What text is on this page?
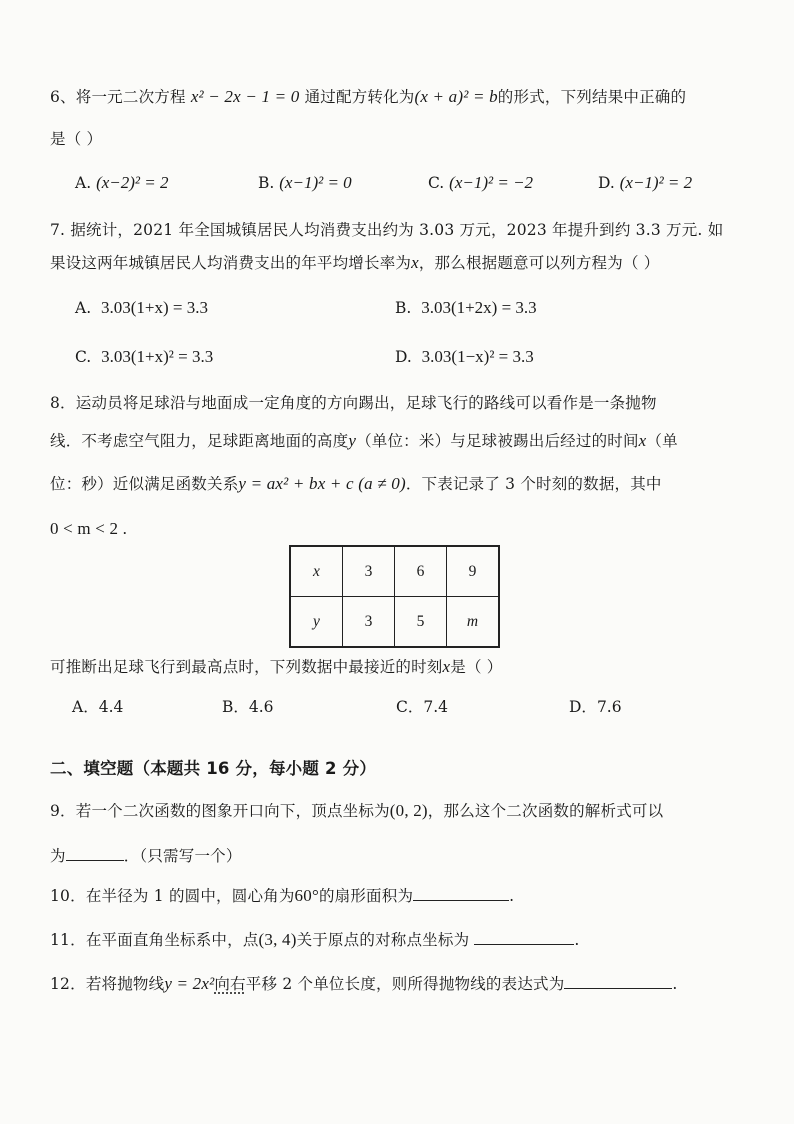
6、将一元二次方程 x² − 2x − 1 = 0 通过配方转化为(x + a)² = b的形式，下列结果中正确的
是（ ）
A. (x−2)² = 2	B. (x−1)² = 0	C. (x−1)² = −2	D. (x−1)² = 2
7. 据统计，2021 年全国城镇居民人均消费支出约为 3.03 万元，2023 年提升到约 3.3 万元. 如
果设这两年城镇居民人均消费支出的年平均增长率为x，那么根据题意可以列方程为（ ）
A. 3.03(1+x) = 3.3	B. 3.03(1+2x) = 3.3
C. 3.03(1+x)² = 3.3	D. 3.03(1−x)² = 3.3
8．运动员将足球沿与地面成一定角度的方向踢出，足球飞行的路线可以看作是一条抛物
线．不考虑空气阻力，足球距离地面的高度y（单位：米）与足球被踢出后经过的时间x（单
位：秒）近似满足函数关系y = ax² + bx + c (a ≠ 0)．下表记录了 3 个时刻的数据，其中
0 < m < 2 .
x	3	6	9
y	3	5	m
可推断出足球飞行到最高点时，下列数据中最接近的时刻x是（ ）
A．4.4	B．4.6	C．7.4	D．7.6
二、填空题（本题共 16 分，每小题 2 分）
9．若一个二次函数的图象开口向下，顶点坐标为(0, 2)，那么这个二次函数的解析式可以
为	．（只需写一个）
10．在半径为 1 的圆中，圆心角为60°的扇形面积为	.
11．在平面直角坐标系中，点(3, 4)关于原点的对称点坐标为	.
12．若将抛物线y = 2x²向右平移 2 个单位长度，则所得抛物线的表达式为	.
